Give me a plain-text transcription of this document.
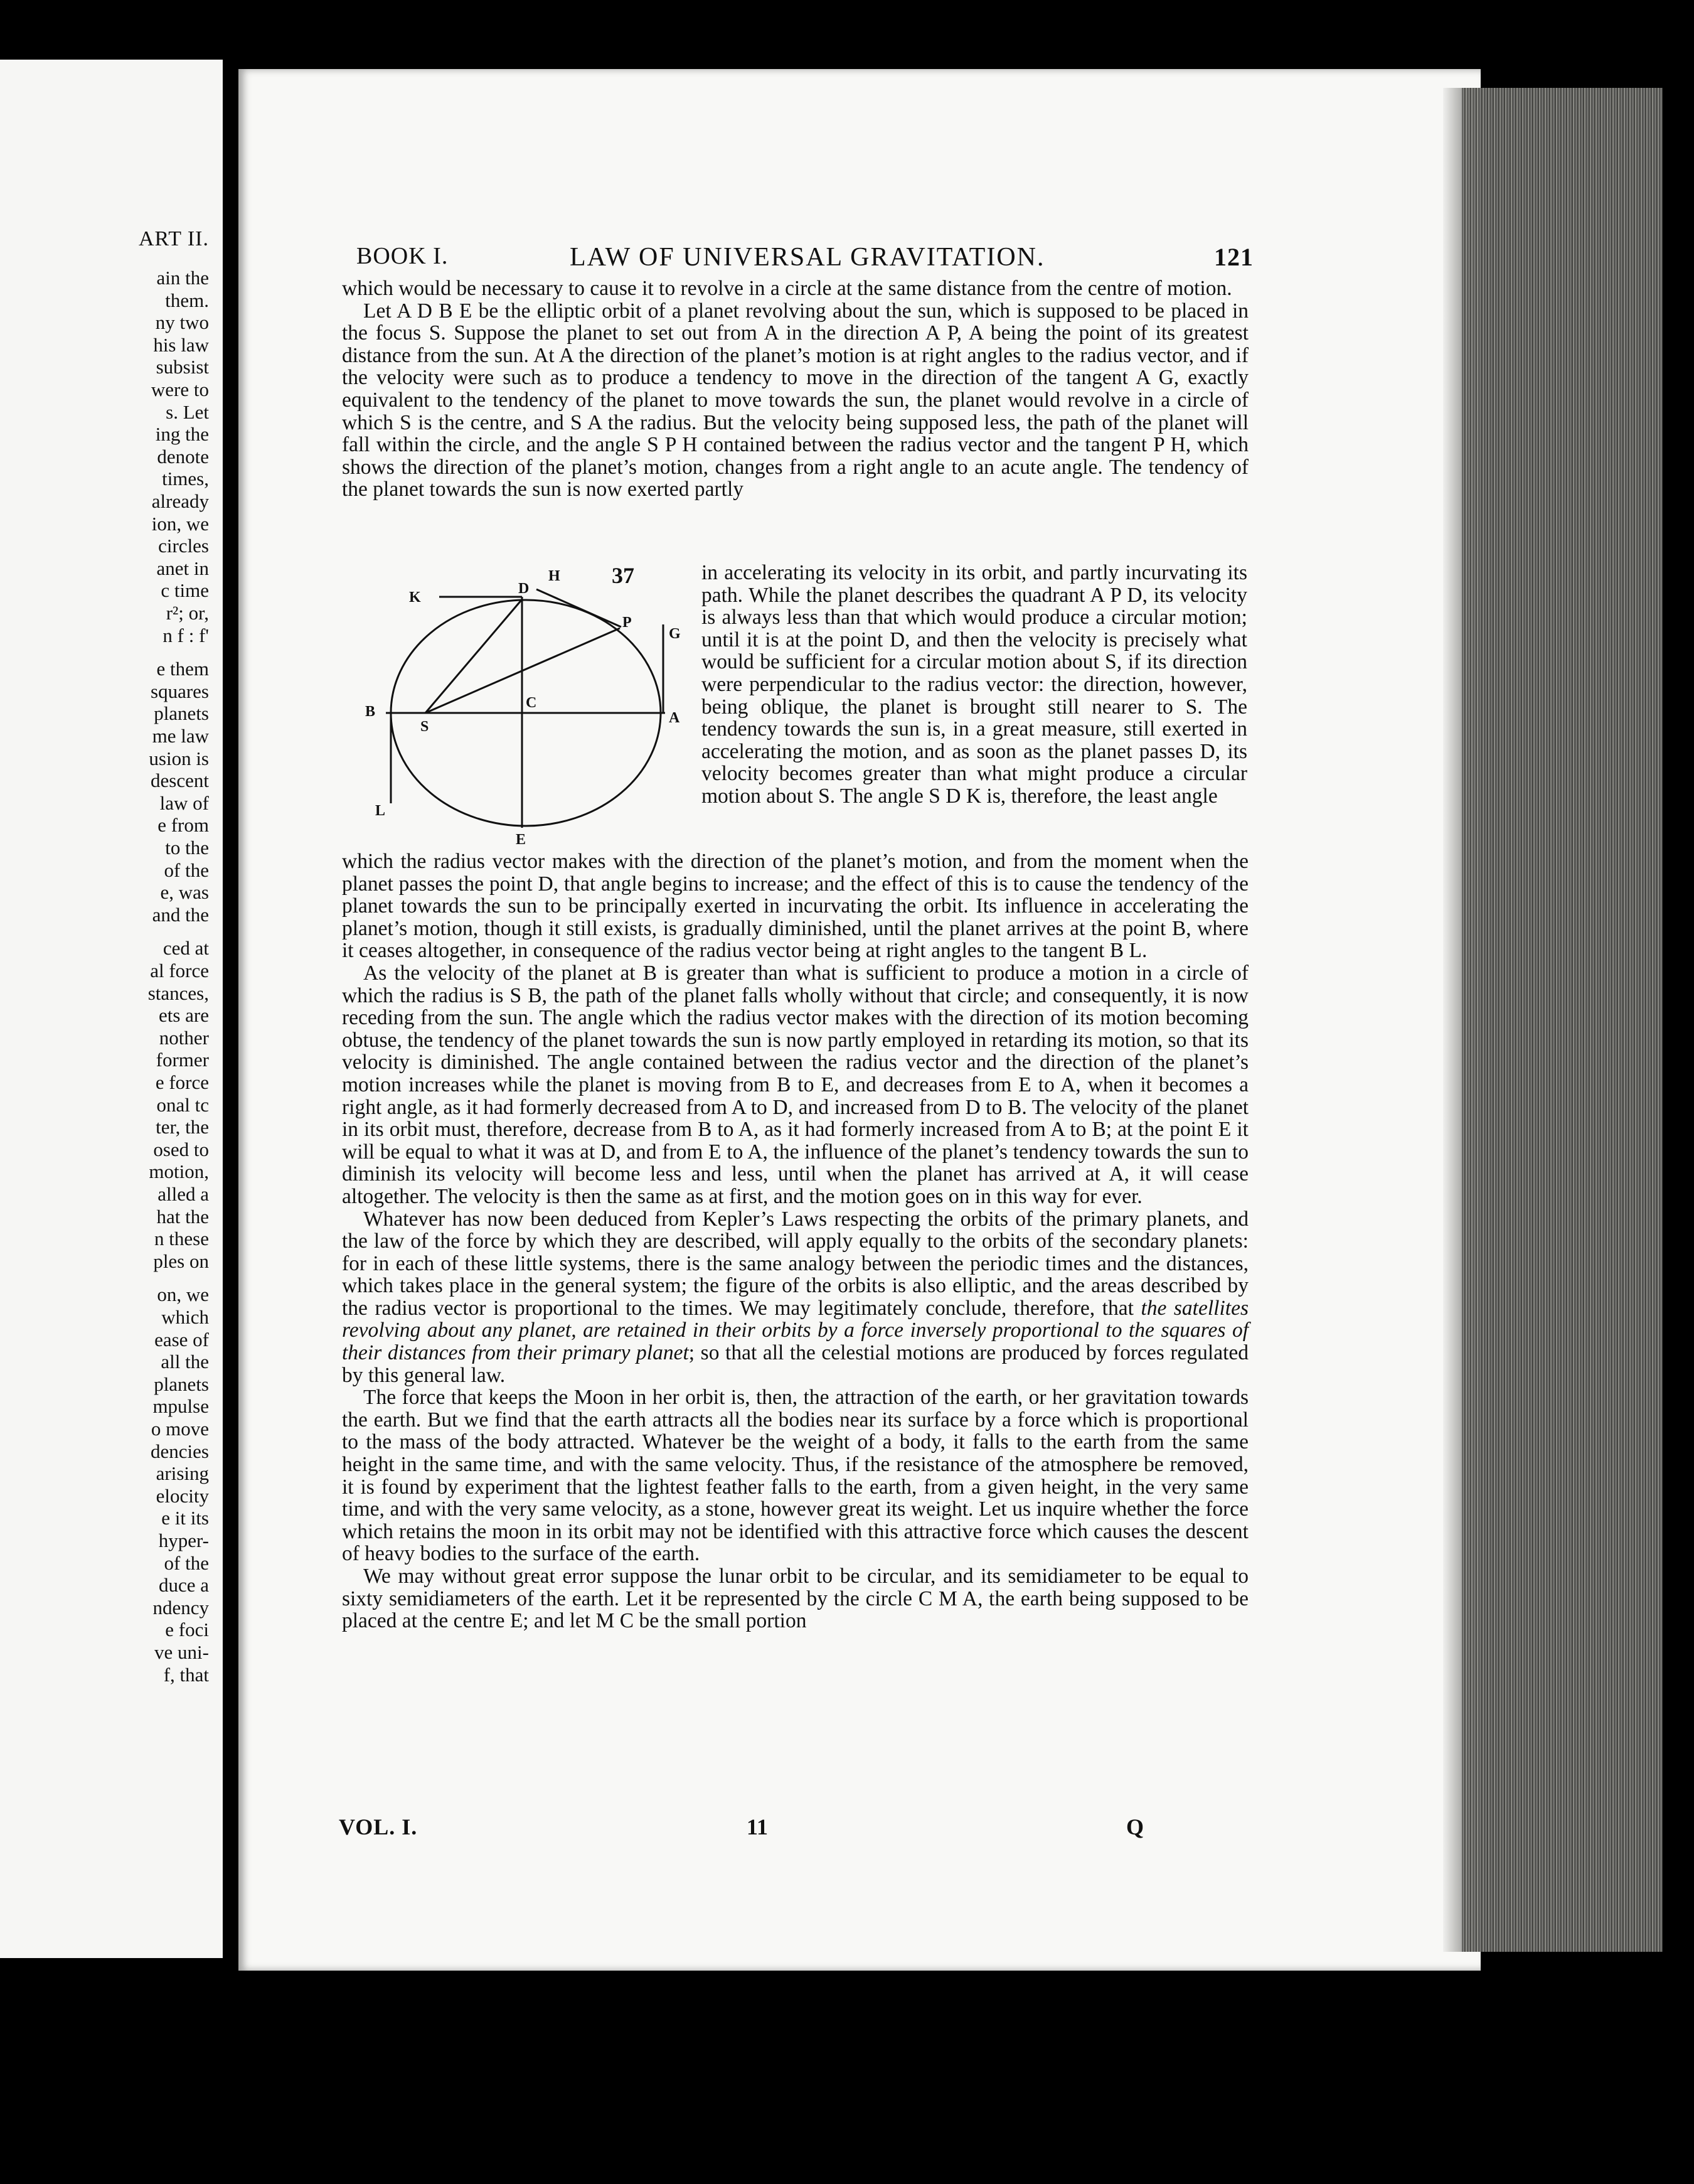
ART II.
ain the
them.
ny two
his law
subsist
were to
s. Let
ing the
denote
times,
already
ion, we
circles
anet in
c time
r²; or,
n f : f'
e them
squares
planets
me law
usion is
descent
law of
e from
to the
of the
e, was
and the
ced at
al force
stances,
ets are
nother
former
e force
onal tc
ter, the
osed to
motion,
alled a
hat the
n these
ples on
on, we
which
ease of
all the
planets
mpulse
o move
dencies
arising
elocity
e it its
hyper-
of the
duce a
ndency
e foci
ve uni-
f, that
BOOK I.	LAW OF UNIVERSAL GRAVITATION.	121

which would be necessary to cause it to revolve in a circle at the same distance from the centre of motion.

Let A D B E be the elliptic orbit of a planet revolving about the sun, which is supposed to be placed in the focus S. Suppose the planet to set out from A in the direction A P, A being the point of its greatest distance from the sun. At A the direction of the planet’s motion is at right angles to the radius vector, and if the velocity were such as to produce a tendency to move in the direction of the tangent A G, exactly equivalent to the tendency of the planet to move towards the sun, the planet would revolve in a circle of which S is the centre, and S A the radius. But the velocity being supposed less, the path of the planet will fall within the circle, and the angle S P H contained between the radius vector and the tangent P H, which shows the direction of the planet’s motion, changes from a right angle to an acute angle. The tendency of the planet towards the sun is now exerted partly

37
K
H
D
P
G
B
S
C
A
L
E
in accelerating its velocity in its orbit, and partly incurvating its path. While the planet describes the quadrant A P D, its velocity is always less than that which would produce a circular motion; until it is at the point D, and then the velocity is precisely what would be sufficient for a circular motion about S, if its direction were perpendicular to the radius vector: the direction, however, being oblique, the planet is brought still nearer to S. The tendency towards the sun is, in a great measure, still exerted in accelerating the motion, and as soon as the planet passes D, its velocity becomes greater than what might produce a circular motion about S. The angle S D K is, therefore, the least angle

which the radius vector makes with the direction of the planet’s motion, and from the moment when the planet passes the point D, that angle begins to increase; and the effect of this is to cause the tendency of the planet towards the sun to be principally exerted in incurvating the orbit. Its influence in accelerating the planet’s motion, though it still exists, is gradually diminished, until the planet arrives at the point B, where it ceases altogether, in consequence of the radius vector being at right angles to the tangent B L.

As the velocity of the planet at B is greater than what is sufficient to produce a motion in a circle of which the radius is S B, the path of the planet falls wholly without that circle; and consequently, it is now receding from the sun. The angle which the radius vector makes with the direction of its motion becoming obtuse, the tendency of the planet towards the sun is now partly employed in retarding its motion, so that its velocity is diminished. The angle contained between the radius vector and the direction of the planet’s motion increases while the planet is moving from B to E, and decreases from E to A, when it becomes a right angle, as it had formerly decreased from A to D, and increased from D to B. The velocity of the planet in its orbit must, therefore, decrease from B to A, as it had formerly increased from A to B; at the point E it will be equal to what it was at D, and from E to A, the influence of the planet’s tendency towards the sun to diminish its velocity will become less and less, until when the planet has arrived at A, it will cease altogether. The velocity is then the same as at first, and the motion goes on in this way for ever.

Whatever has now been deduced from Kepler’s Laws respecting the orbits of the primary planets, and the law of the force by which they are described, will apply equally to the orbits of the secondary planets: for in each of these little systems, there is the same analogy between the periodic times and the distances, which takes place in the general system; the figure of the orbits is also elliptic, and the areas described by the radius vector is proportional to the times. We may legitimately conclude, therefore, that the satellites revolving about any planet, are retained in their orbits by a force inversely proportional to the squares of their distances from their primary planet; so that all the celestial motions are produced by forces regulated by this general law.

The force that keeps the Moon in her orbit is, then, the attraction of the earth, or her gravitation towards the earth. But we find that the earth attracts all the bodies near its surface by a force which is proportional to the mass of the body attracted. Whatever be the weight of a body, it falls to the earth from the same height in the same time, and with the same velocity. Thus, if the resistance of the atmosphere be removed, it is found by experiment that the lightest feather falls to the earth, from a given height, in the very same time, and with the very same velocity, as a stone, however great its weight. Let us inquire whether the force which retains the moon in its orbit may not be identified with this attractive force which causes the descent of heavy bodies to the surface of the earth.

We may without great error suppose the lunar orbit to be circular, and its semidiameter to be equal to sixty semidiameters of the earth. Let it be represented by the circle C M A, the earth being supposed to be placed at the centre E; and let M C be the small portion

VOL. I.	11	Q
